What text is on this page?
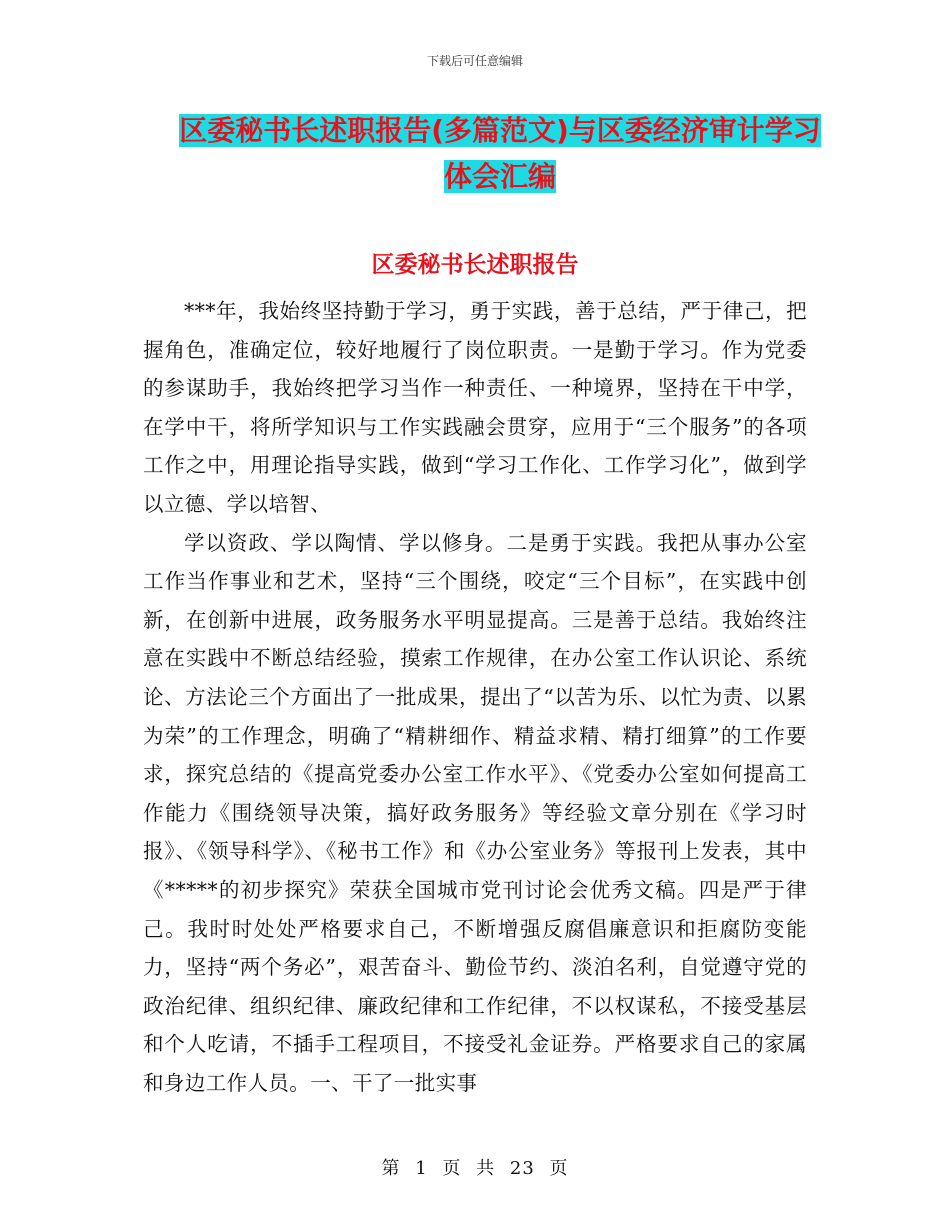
下载后可任意编辑
区委秘书长述职报告(多篇范文)与区委经济审计学习
体会汇编
区委秘书长述职报告

***年，我始终坚持勤于学习，勇于实践，善于总结，严于律己，把握角色，准确定位，较好地履行了岗位职责。一是勤于学习。作为党委的参谋助手，我始终把学习当作一种责任、一种境界，坚持在干中学，在学中干，将所学知识与工作实践融会贯穿，应用于“三个服务”的各项工作之中，用理论指导实践，做到“学习工作化、工作学习化”，做到学以立德、学以培智、

学以资政、学以陶情、学以修身。二是勇于实践。我把从事办公室工作当作事业和艺术，坚持“三个围绕，咬定“三个目标”，在实践中创新，在创新中进展，政务服务水平明显提高。三是善于总结。我始终注意在实践中不断总结经验，摸索工作规律，在办公室工作认识论、系统论、方法论三个方面出了一批成果，提出了“以苦为乐、以忙为责、以累为荣”的工作理念，明确了“精耕细作、精益求精、精打细算”的工作要求，探究总结的《提高党委办公室工作水平》、《党委办公室如何提高工作能力《围绕领导决策，搞好政务服务》等经验文章分别在《学习时报》、《领导科学》、《秘书工作》和《办公室业务》等报刊上发表，其中《*****的初步探究》荣获全国城市党刊讨论会优秀文稿。四是严于律己。我时时处处严格要求自己，不断增强反腐倡廉意识和拒腐防变能力，坚持“两个务必”，艰苦奋斗、勤俭节约、淡泊名利，自觉遵守党的政治纪律、组织纪律、廉政纪律和工作纪律，不以权谋私，不接受基层和个人吃请，不插手工程项目，不接受礼金证券。严格要求自己的家属和身边工作人员。一、干了一批实事

第 1 页 共 23 页
